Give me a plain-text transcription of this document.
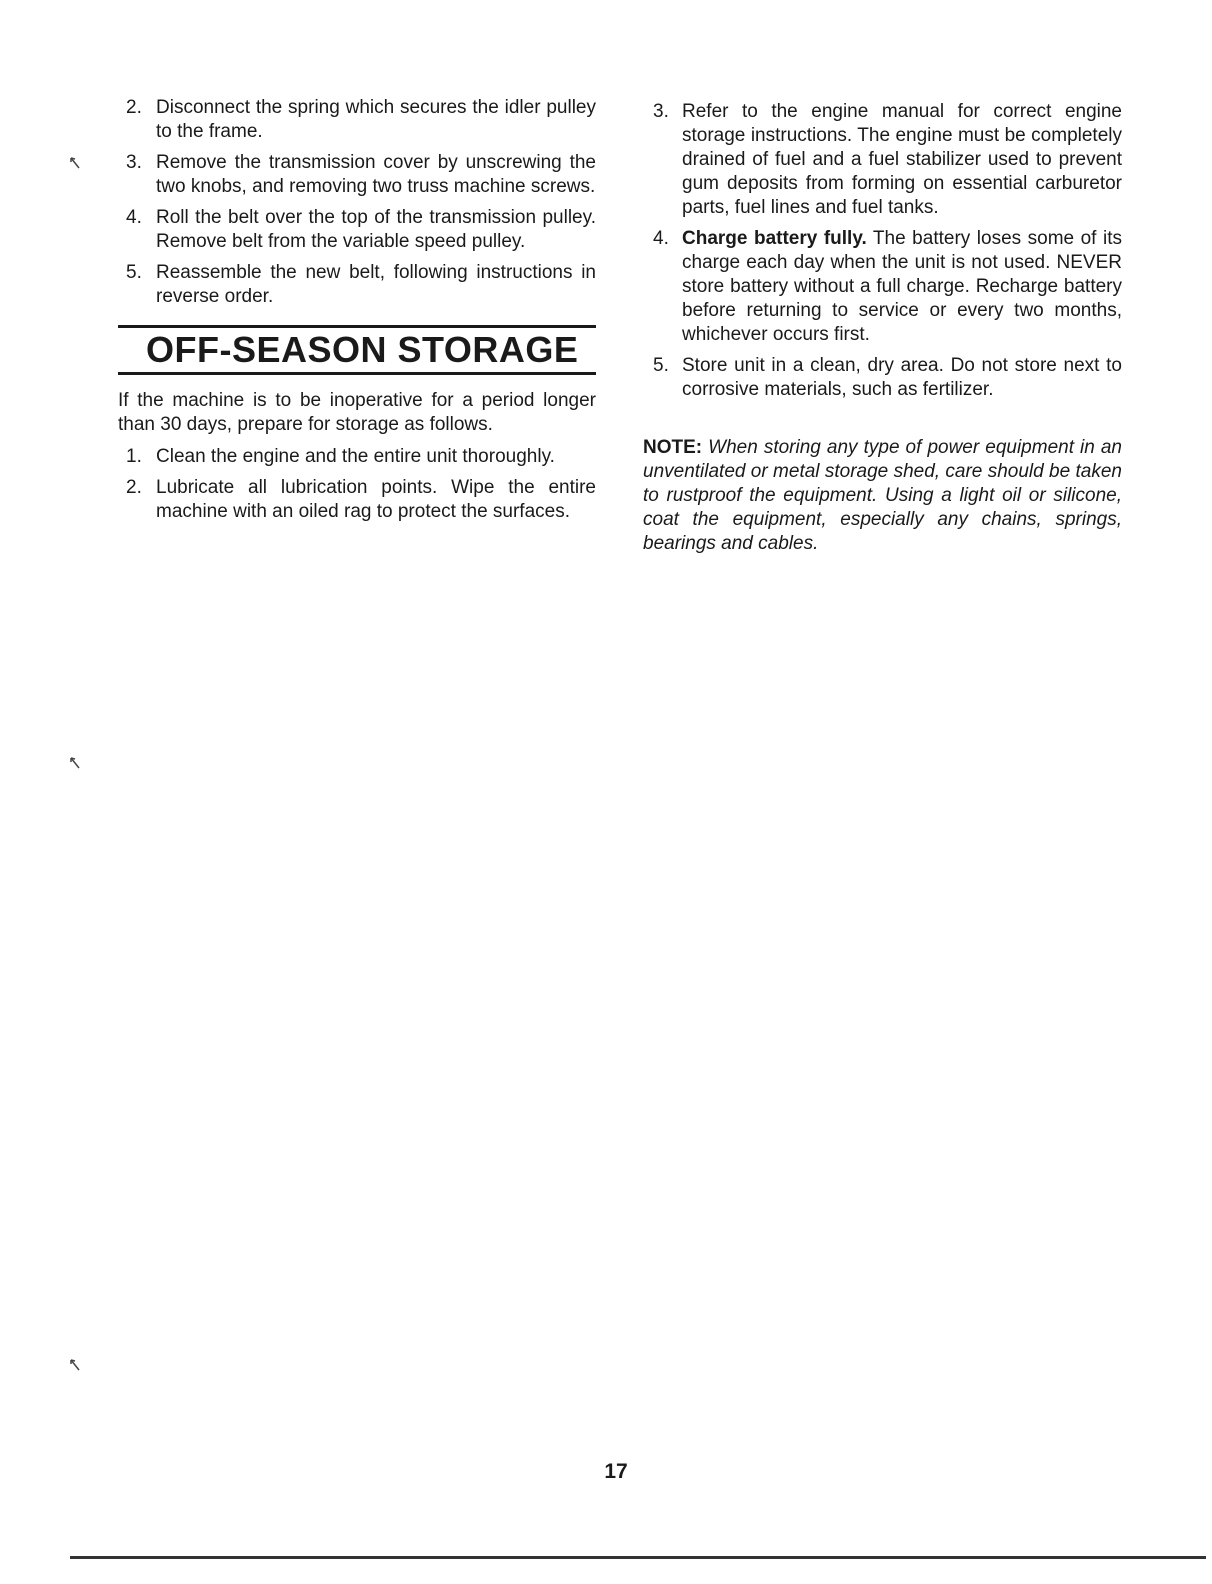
2. Disconnect the spring which secures the idler pulley to the frame.
3. Remove the transmission cover by unscrewing the two knobs, and removing two truss machine screws.
4. Roll the belt over the top of the transmission pulley. Remove belt from the variable speed pulley.
5. Reassemble the new belt, following instructions in reverse order.
OFF-SEASON STORAGE

If the machine is to be inoperative for a period longer than 30 days, prepare for storage as follows.

1. Clean the engine and the entire unit thoroughly.
2. Lubricate all lubrication points. Wipe the entire machine with an oiled rag to protect the surfaces.
3. Refer to the engine manual for correct engine storage instructions. The engine must be completely drained of fuel and a fuel stabilizer used to prevent gum deposits from forming on essential carburetor parts, fuel lines and fuel tanks.
4. Charge battery fully. The battery loses some of its charge each day when the unit is not used. NEVER store battery without a full charge. Recharge battery before returning to service or every two months, whichever occurs first.
5. Store unit in a clean, dry area. Do not store next to corrosive materials, such as fertilizer.

NOTE: When storing any type of power equipment in an unventilated or metal storage shed, care should be taken to rustproof the equipment. Using a light oil or silicone, coat the equipment, especially any chains, springs, bearings and cables.

17
